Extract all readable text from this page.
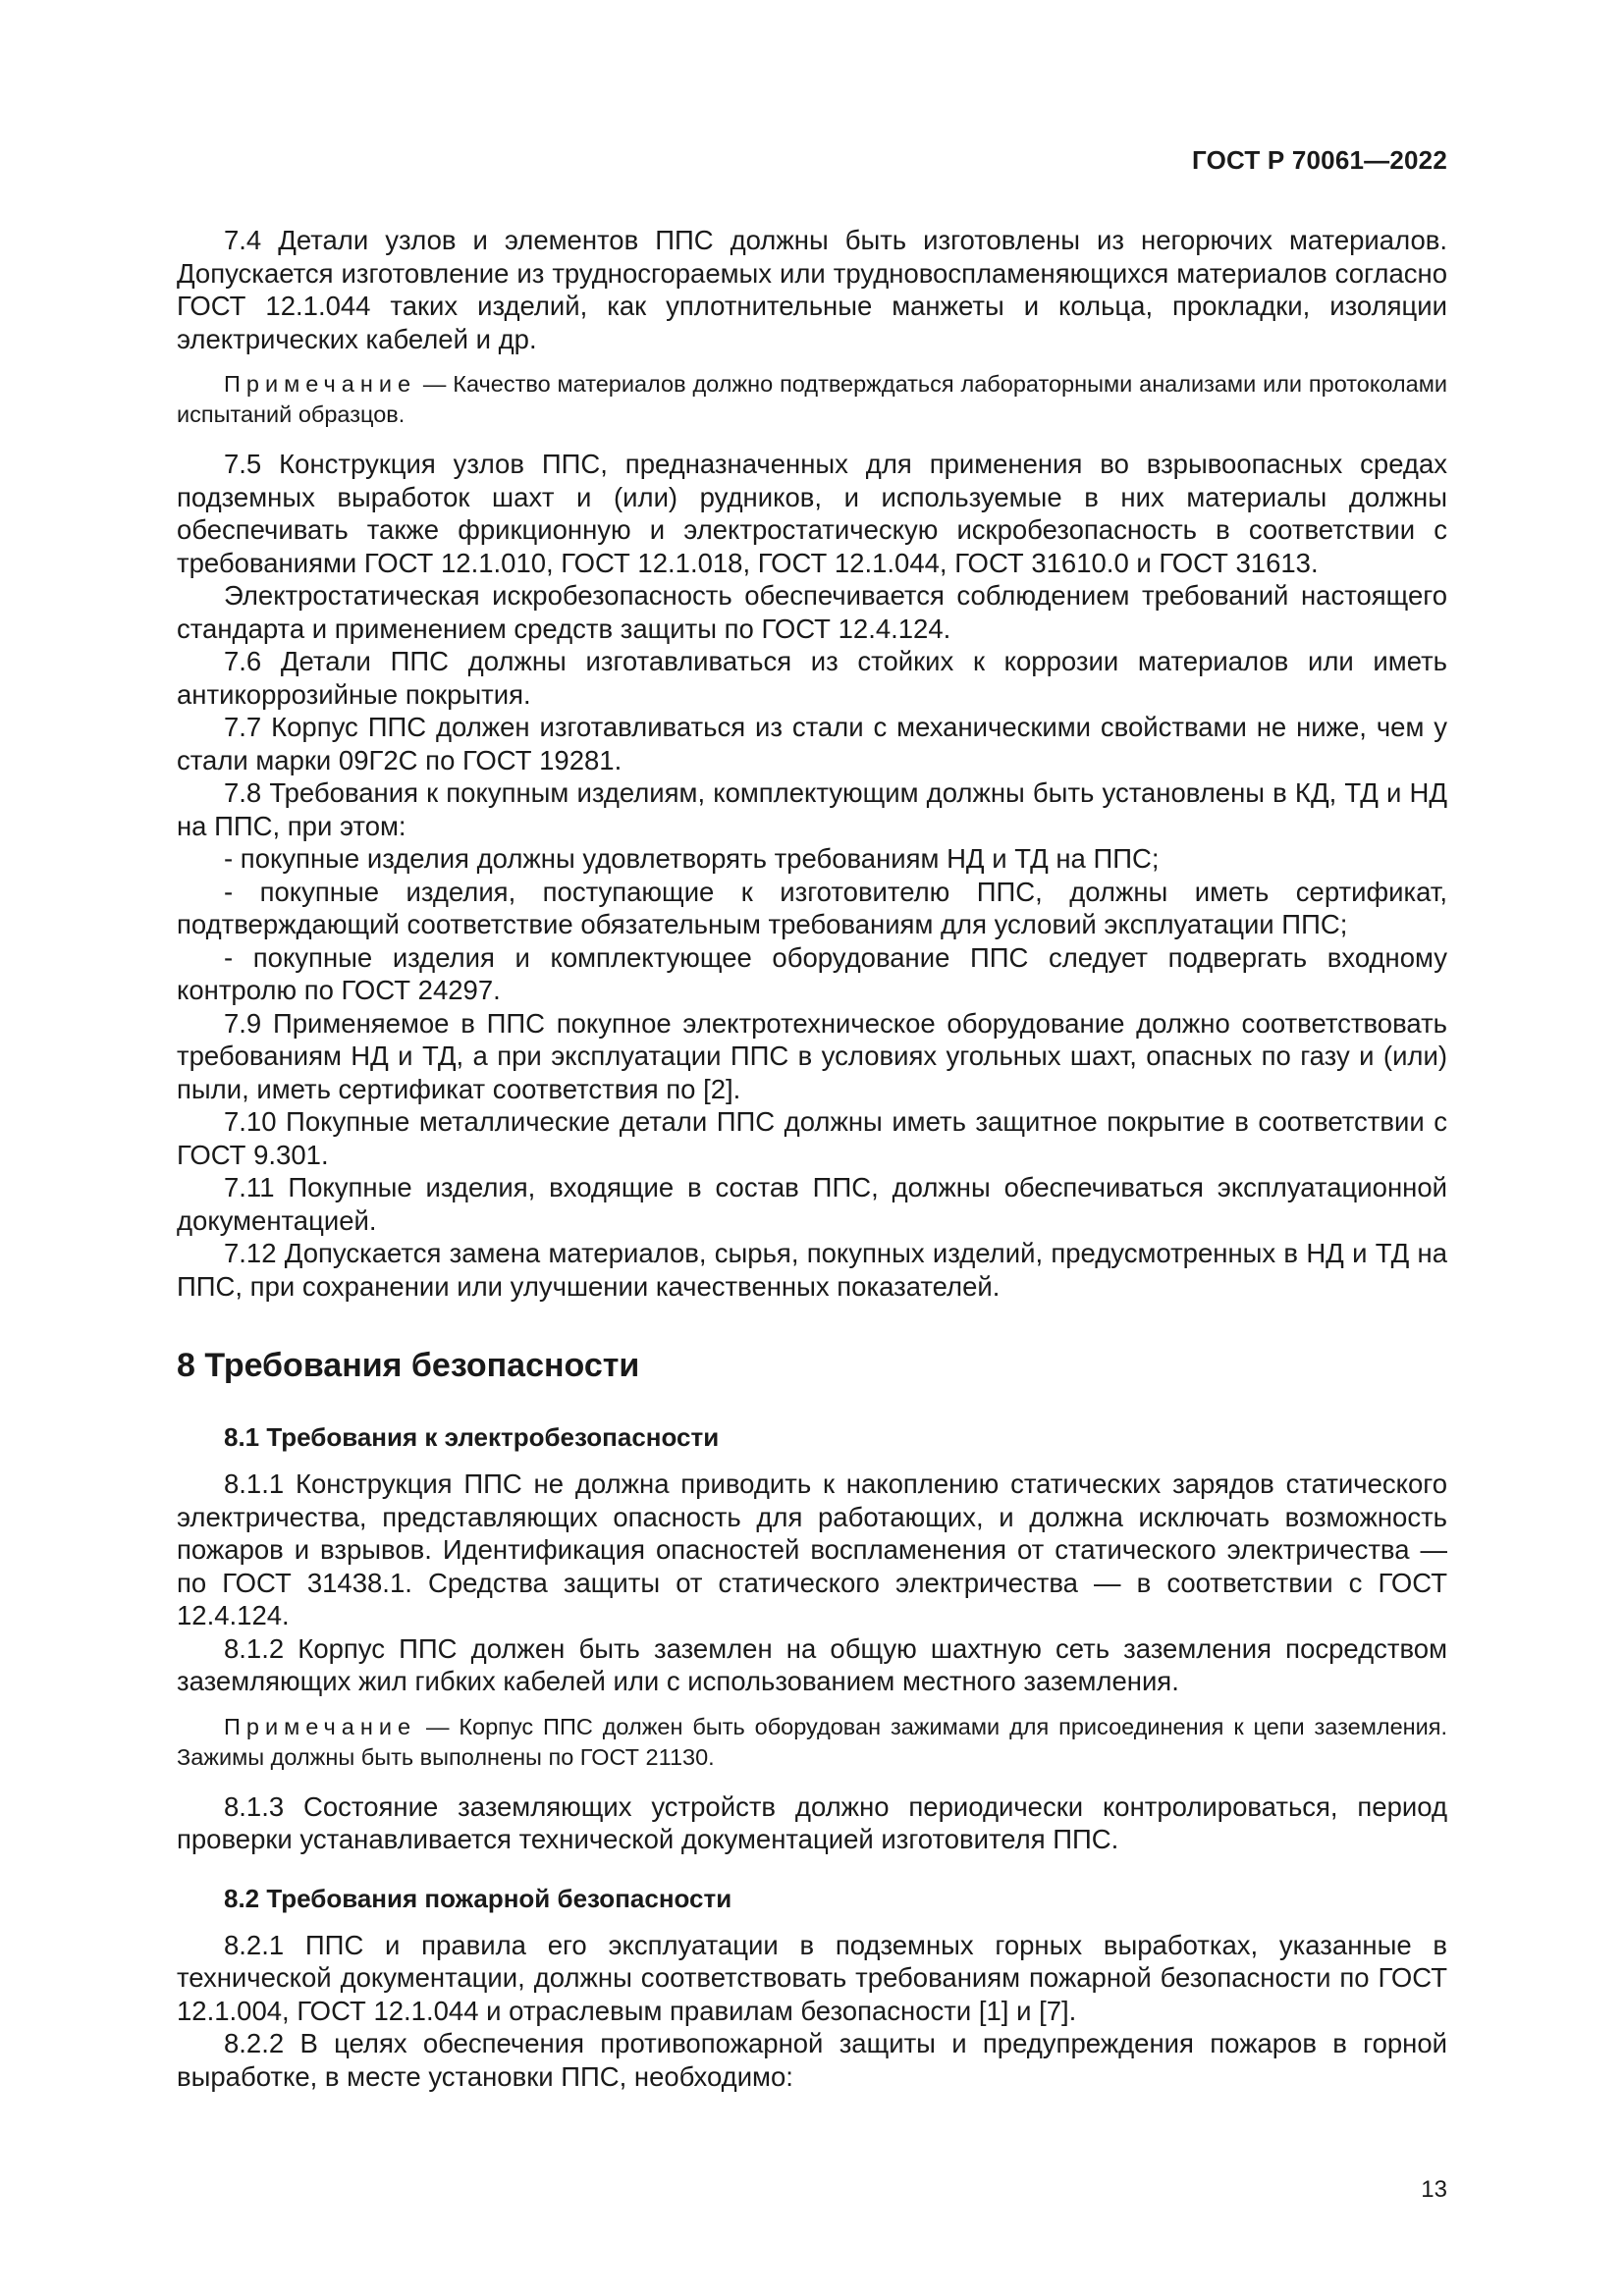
ГОСТ Р 70061—2022

7.4 Детали узлов и элементов ППС должны быть изготовлены из негорючих материалов. Допускается изготовление из трудносгораемых или трудновоспламеняющихся материалов согласно ГОСТ 12.1.044 таких изделий, как уплотнительные манжеты и кольца, прокладки, изоляции электрических кабелей и др.

Примечание — Качество материалов должно подтверждаться лабораторными анализами или протоколами испытаний образцов.

7.5 Конструкция узлов ППС, предназначенных для применения во взрывоопасных средах подземных выработок шахт и (или) рудников, и используемые в них материалы должны обеспечивать также фрикционную и электростатическую искробезопасность в соответствии с требованиями ГОСТ 12.1.010, ГОСТ 12.1.018, ГОСТ 12.1.044, ГОСТ 31610.0 и ГОСТ 31613.

Электростатическая искробезопасность обеспечивается соблюдением требований настоящего стандарта и применением средств защиты по ГОСТ 12.4.124.

7.6 Детали ППС должны изготавливаться из стойких к коррозии материалов или иметь антикоррозийные покрытия.

7.7 Корпус ППС должен изготавливаться из стали с механическими свойствами не ниже, чем у стали марки 09Г2С по ГОСТ 19281.

7.8 Требования к покупным изделиям, комплектующим должны быть установлены в КД, ТД и НД на ППС, при этом:

- покупные изделия должны удовлетворять требованиям НД и ТД на ППС;

- покупные изделия, поступающие к изготовителю ППС, должны иметь сертификат, подтверждающий соответствие обязательным требованиям для условий эксплуатации ППС;

- покупные изделия и комплектующее оборудование ППС следует подвергать входному контролю по ГОСТ 24297.

7.9 Применяемое в ППС покупное электротехническое оборудование должно соответствовать требованиям НД и ТД, а при эксплуатации ППС в условиях угольных шахт, опасных по газу и (или) пыли, иметь сертификат соответствия по [2].

7.10 Покупные металлические детали ППС должны иметь защитное покрытие в соответствии с ГОСТ 9.301.

7.11 Покупные изделия, входящие в состав ППС, должны обеспечиваться эксплуатационной документацией.

7.12 Допускается замена материалов, сырья, покупных изделий, предусмотренных в НД и ТД на ППС, при сохранении или улучшении качественных показателей.

8 Требования безопасности
8.1 Требования к электробезопасности

8.1.1 Конструкция ППС не должна приводить к накоплению статических зарядов статического электричества, представляющих опасность для работающих, и должна исключать возможность пожаров и взрывов. Идентификация опасностей воспламенения от статического электричества — по ГОСТ 31438.1. Средства защиты от статического электричества — в соответствии с ГОСТ 12.4.124.

8.1.2 Корпус ППС должен быть заземлен на общую шахтную сеть заземления посредством заземляющих жил гибких кабелей или с использованием местного заземления.

Примечание — Корпус ППС должен быть оборудован зажимами для присоединения к цепи заземления. Зажимы должны быть выполнены по ГОСТ 21130.

8.1.3 Состояние заземляющих устройств должно периодически контролироваться, период проверки устанавливается технической документацией изготовителя ППС.

8.2 Требования пожарной безопасности

8.2.1 ППС и правила его эксплуатации в подземных горных выработках, указанные в технической документации, должны соответствовать требованиям пожарной безопасности по ГОСТ 12.1.004, ГОСТ 12.1.044 и отраслевым правилам безопасности [1] и [7].

8.2.2 В целях обеспечения противопожарной защиты и предупреждения пожаров в горной выработке, в месте установки ППС, необходимо:

13
